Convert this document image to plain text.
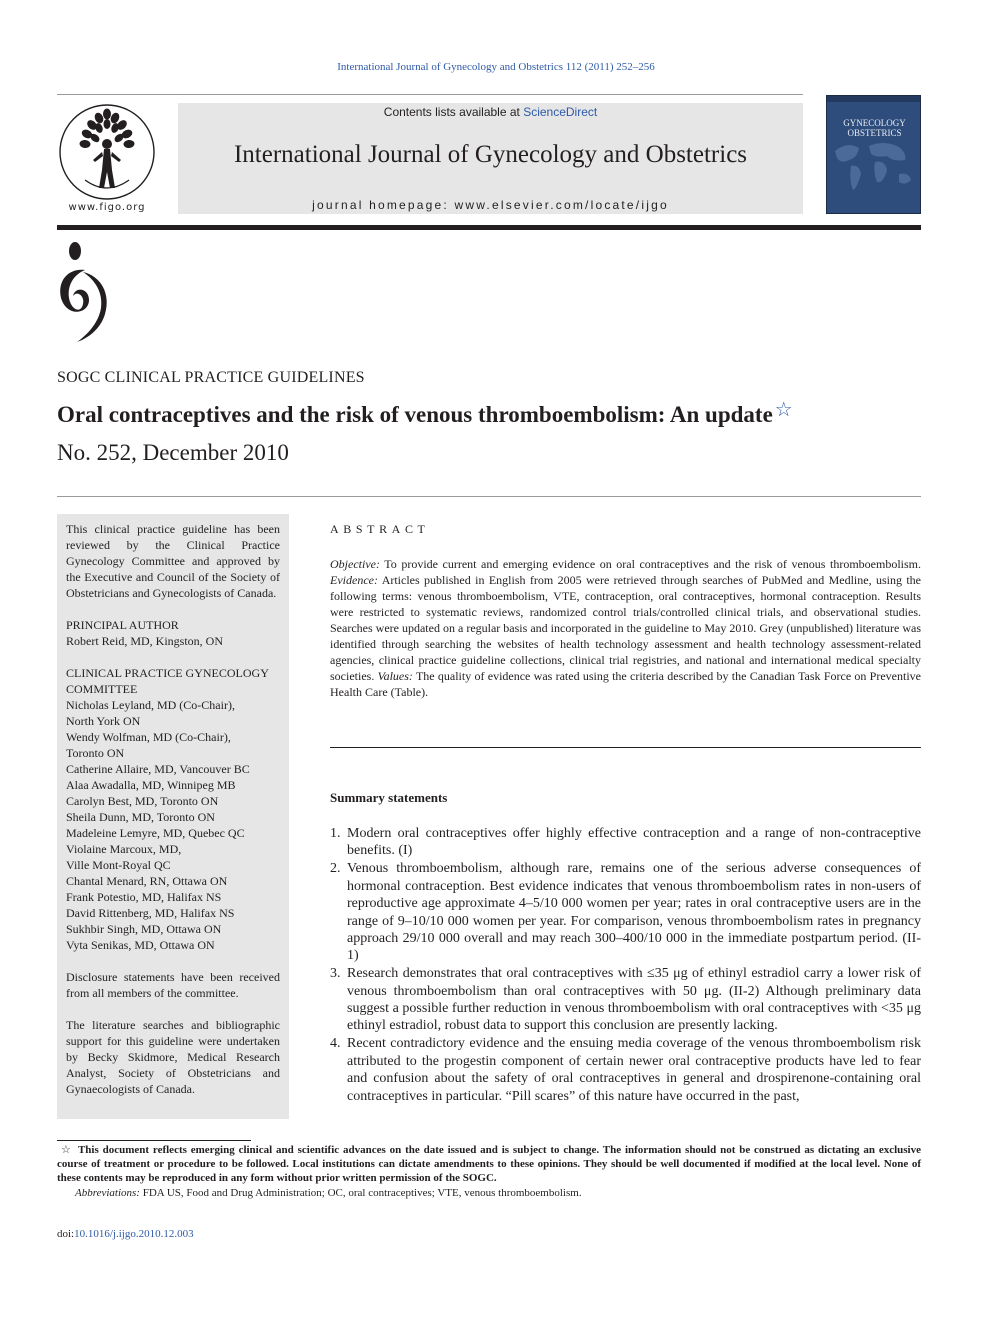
International Journal of Gynecology and Obstetrics 112 (2011) 252–256
www.figo.org
Contents lists available at ScienceDirect
International Journal of Gynecology and Obstetrics
journal homepage: www.elsevier.com/locate/ijgo
GYNECOLOGY OBSTETRICS
SOGC CLINICAL PRACTICE GUIDELINES
Oral contraceptives and the risk of venous thromboembolism: An update ☆
No. 252, December 2010

This clinical practice guideline has been reviewed by the Clinical Practice Gynecology Committee and approved by the Executive and Council of the Society of Obstetricians and Gynecologists of Canada.

PRINCIPAL AUTHOR
Robert Reid, MD, Kingston, ON

CLINICAL PRACTICE GYNECOLOGY COMMITTEE
Nicholas Leyland, MD (Co-Chair),
North York ON
Wendy Wolfman, MD (Co-Chair),
Toronto ON
Catherine Allaire, MD, Vancouver BC
Alaa Awadalla, MD, Winnipeg MB
Carolyn Best, MD, Toronto ON
Sheila Dunn, MD, Toronto ON
Madeleine Lemyre, MD, Quebec QC
Violaine Marcoux, MD,
Ville Mont-Royal QC
Chantal Menard, RN, Ottawa ON
Frank Potestio, MD, Halifax NS
David Rittenberg, MD, Halifax NS
Sukhbir Singh, MD, Ottawa ON
Vyta Senikas, MD, Ottawa ON

Disclosure statements have been received from all members of the committee.

The literature searches and bibliographic support for this guideline were undertaken by Becky Skidmore, Medical Research Analyst, Society of Obstetricians and Gynaecologists of Canada.

ABSTRACT
Objective: To provide current and emerging evidence on oral contraceptives and the risk of venous thromboembolism. Evidence: Articles published in English from 2005 were retrieved through searches of PubMed and Medline, using the following terms: venous thromboembolism, VTE, contraception, oral contraceptives, hormonal contraception. Results were restricted to systematic reviews, randomized control trials/controlled clinical trials, and observational studies. Searches were updated on a regular basis and incorporated in the guideline to May 2010. Grey (unpublished) literature was identified through searching the websites of health technology assessment and health technology assessment-related agencies, clinical practice guideline collections, clinical trial registries, and national and international medical specialty societies. Values: The quality of evidence was rated using the criteria described by the Canadian Task Force on Preventive Health Care (Table).
Summary statements
1. Modern oral contraceptives offer highly effective contraception and a range of non-contraceptive benefits. (I)
2. Venous thromboembolism, although rare, remains one of the serious adverse consequences of hormonal contraception. Best evidence indicates that venous thromboembolism rates in non-users of reproductive age approximate 4–5/10 000 women per year; rates in oral contraceptive users are in the range of 9–10/10 000 women per year. For comparison, venous thromboembolism rates in pregnancy approach 29/10 000 overall and may reach 300–400/10 000 in the immediate postpartum period. (II-1)
3. Research demonstrates that oral contraceptives with ≤35 μg of ethinyl estradiol carry a lower risk of venous thromboembolism than oral contraceptives with 50 μg. (II-2) Although preliminary data suggest a possible further reduction in venous thromboembolism with oral contraceptives with <35 μg ethinyl estradiol, robust data to support this conclusion are presently lacking.
4. Recent contradictory evidence and the ensuing media coverage of the venous thromboembolism risk attributed to the progestin component of certain newer oral contraceptive products have led to fear and confusion about the safety of oral contraceptives in general and drospirenone-containing oral contraceptives in particular. “Pill scares” of this nature have occurred in the past,
☆ This document reflects emerging clinical and scientific advances on the date issued and is subject to change. The information should not be construed as dictating an exclusive course of treatment or procedure to be followed. Local institutions can dictate amendments to these opinions. They should be well documented if modified at the local level. None of these contents may be reproduced in any form without prior written permission of the SOGC.
Abbreviations: FDA US, Food and Drug Administration; OC, oral contraceptives; VTE, venous thromboembolism.
doi:10.1016/j.ijgo.2010.12.003
